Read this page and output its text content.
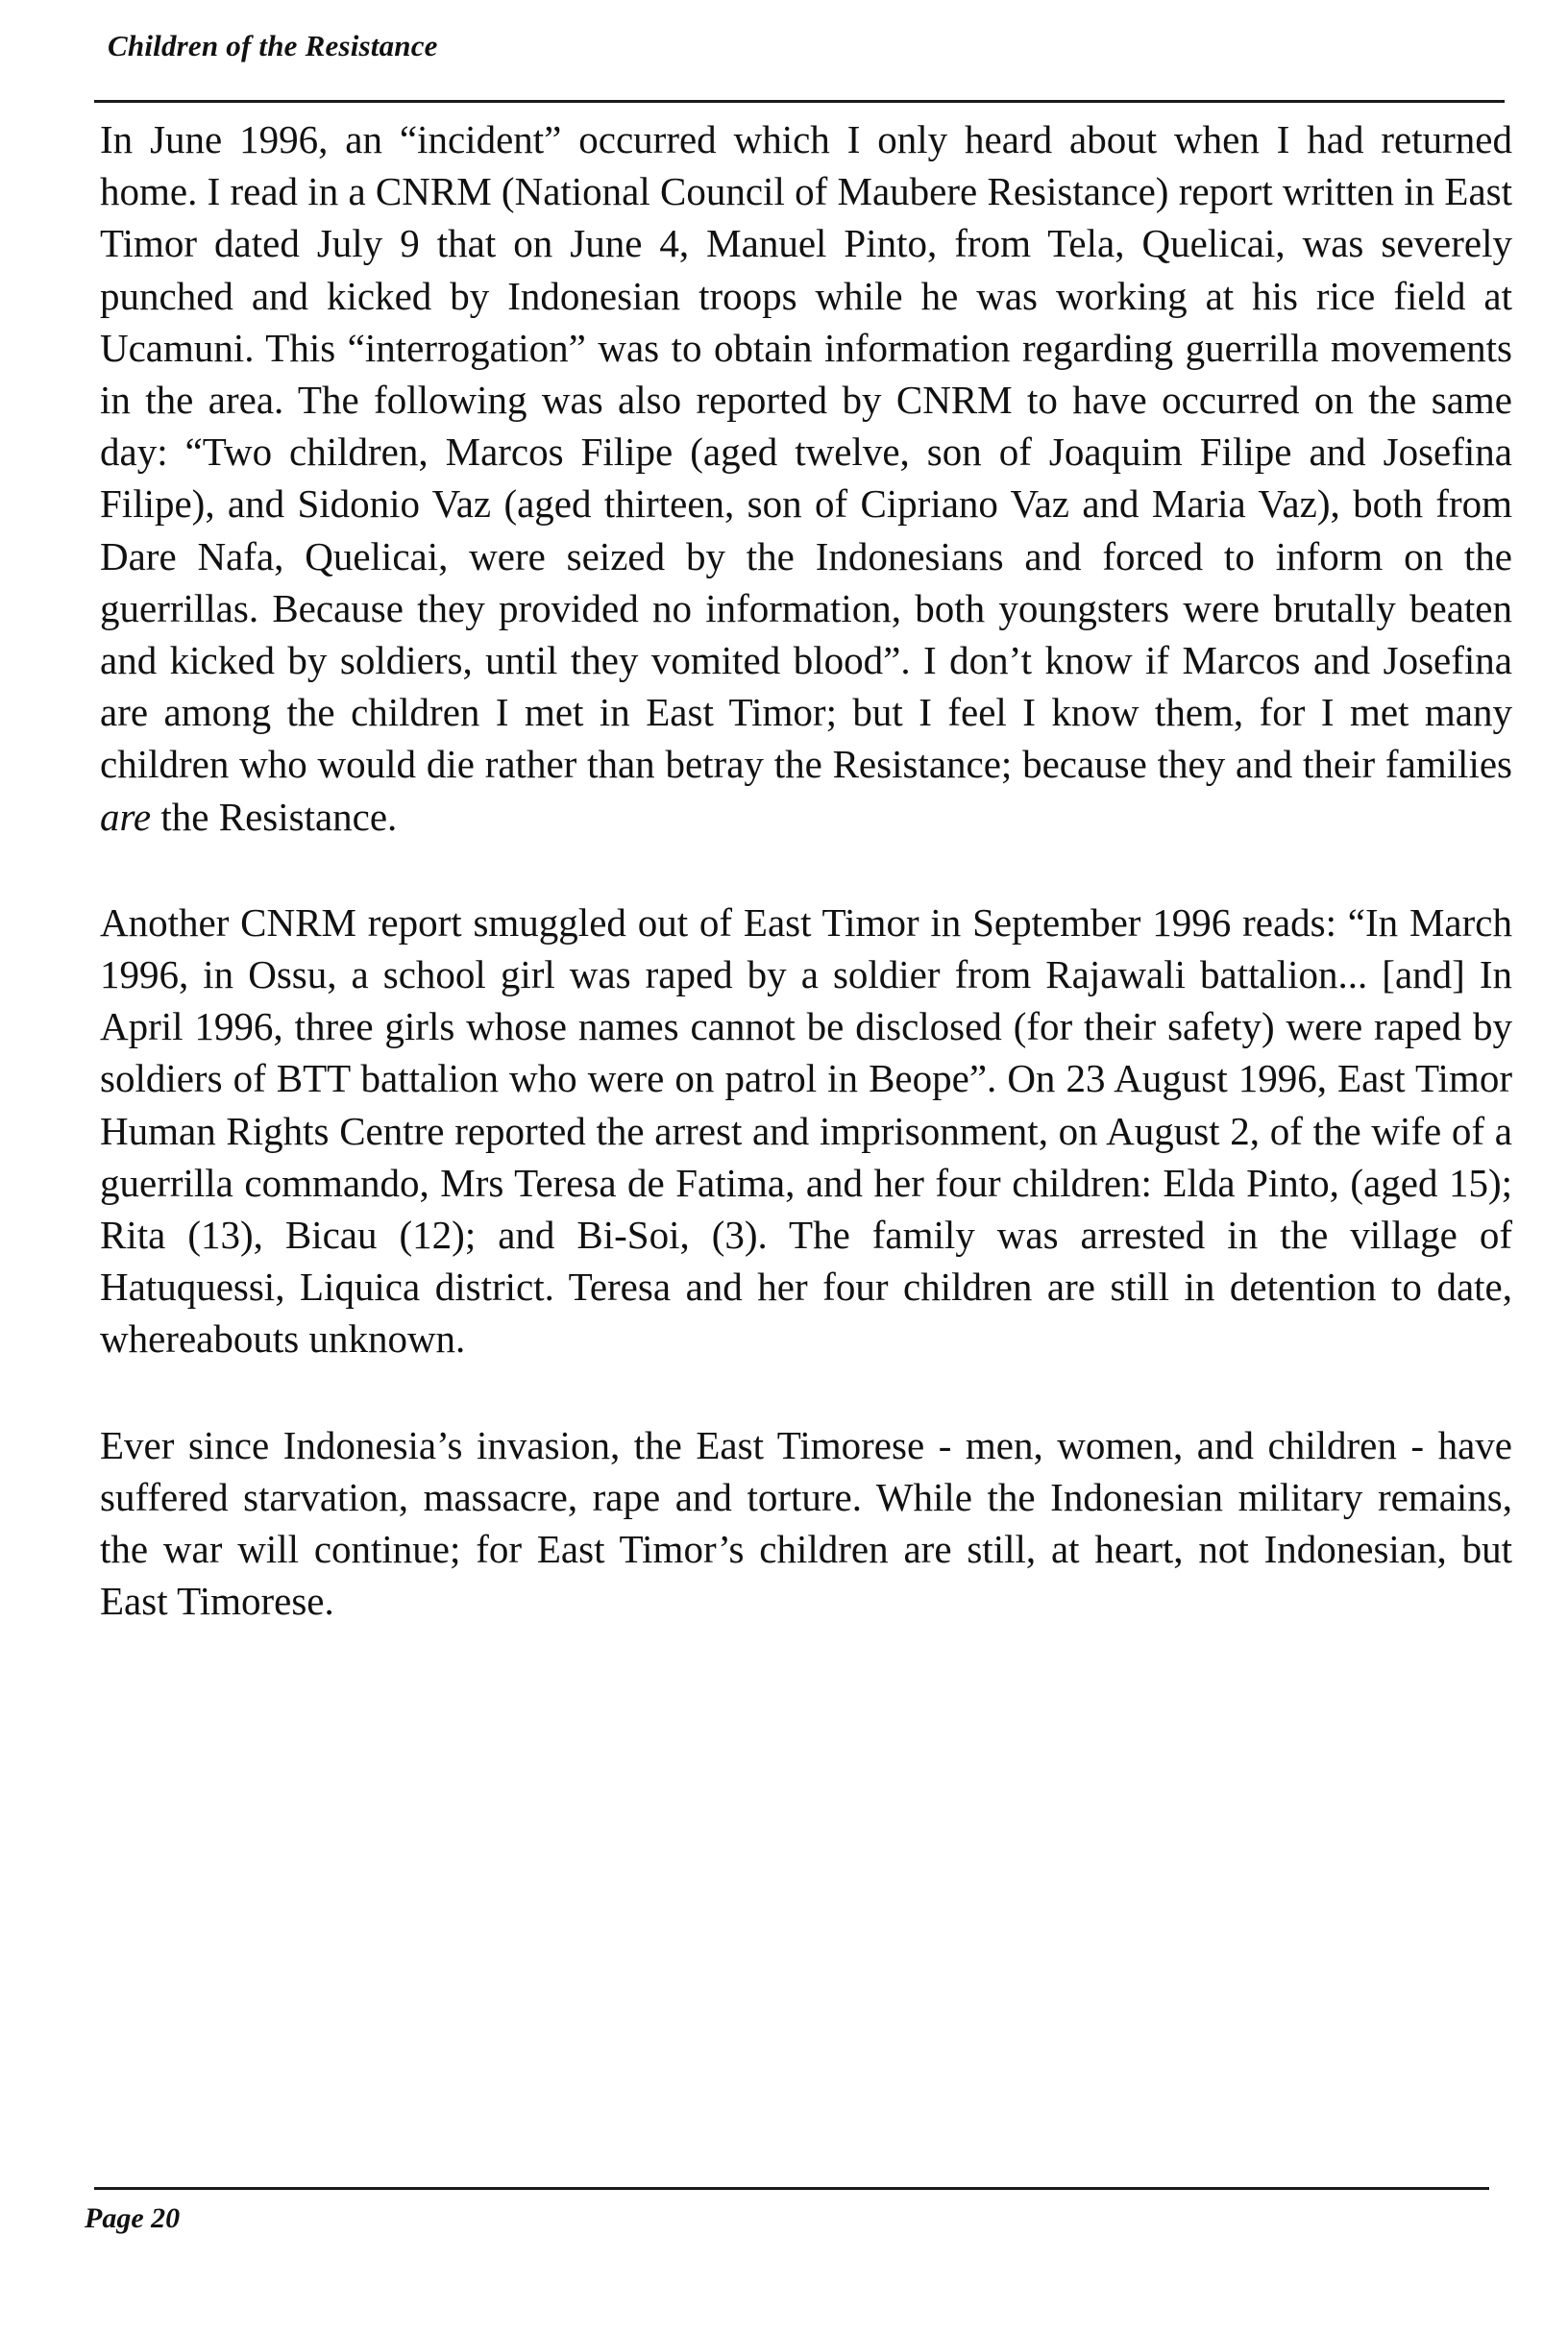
Children of the Resistance

In June 1996, an “incident” occurred which I only heard about when I had returned home. I read in a CNRM (National Council of Maubere Resistance) report written in East Timor dated July 9 that on June 4, Manuel Pinto, from Tela, Quelicai, was severely punched and kicked by Indonesian troops while he was working at his rice field at Ucamuni. This “interrogation” was to obtain information regarding guerrilla movements in the area. The following was also reported by CNRM to have occurred on the same day: “Two children, Marcos Filipe (aged twelve, son of Joaquim Filipe and Josefina Filipe), and Sidonio Vaz (aged thirteen, son of Cipriano Vaz and Maria Vaz), both from Dare Nafa, Quelicai, were seized by the Indonesians and forced to inform on the guerrillas. Because they provided no information, both youngsters were brutally beaten and kicked by soldiers, until they vomited blood”. I don’t know if Marcos and Josefina are among the children I met in East Timor; but I feel I know them, for I met many children who would die rather than betray the Resistance; because they and their families are the Resistance.

Another CNRM report smuggled out of East Timor in September 1996 reads: “In March 1996, in Ossu, a school girl was raped by a soldier from Rajawali battalion... [and] In April 1996, three girls whose names cannot be disclosed (for their safety) were raped by soldiers of BTT battalion who were on patrol in Beope”. On 23 August 1996, East Timor Human Rights Centre reported the arrest and imprisonment, on August 2, of the wife of a guerrilla commando, Mrs Teresa de Fatima, and her four children: Elda Pinto, (aged 15); Rita (13), Bicau (12); and Bi-Soi, (3). The family was arrested in the village of Hatuquessi, Liquica district. Teresa and her four children are still in detention to date, whereabouts unknown.

Ever since Indonesia’s invasion, the East Timorese - men, women, and children - have suffered starvation, massacre, rape and torture. While the Indonesian military remains, the war will continue; for East Timor’s children are still, at heart, not Indonesian, but East Timorese.

Page 20
